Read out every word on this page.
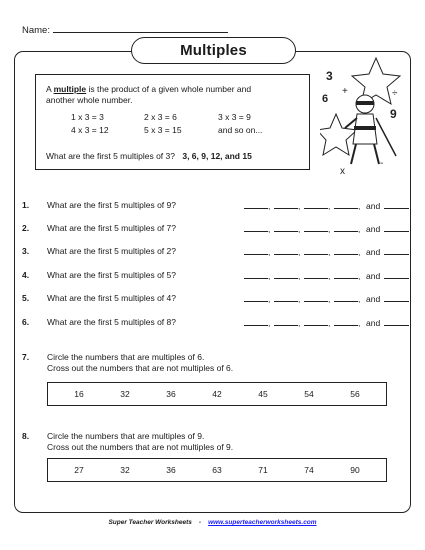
Name:
Multiples
A multiple is the product of a given whole number and
another whole number.
1 x 3 = 3	2 x 3 = 6	3 x 3 = 9
4 x 3 = 12	5 x 3 = 15	and so on...
What are the first 5 multiples of 3? 3, 6, 9, 12, and 15
3
9
6
+	÷
-
x
1. What are the first 5 multiples of 9?	,	,	,	, and
2. What are the first 5 multiples of 7?	,	,	,	, and
3. What are the first 5 multiples of 2?	,	,	,	, and
4. What are the first 5 multiples of 5?	,	,	,	, and
5. What are the first 5 multiples of 4?	,	,	,	, and
6. What are the first 5 multiples of 8?	,	,	,	, and
7. Circle the numbers that are multiples of 6.
Cross out the numbers that are not multiples of 6.
16	32	36	42	45	54	56
8. Circle the numbers that are multiples of 9.
Cross out the numbers that are not multiples of 9.
27	32	36	63	71	74	90
Super Teacher Worksheets - www.superteacherworksheets.com
